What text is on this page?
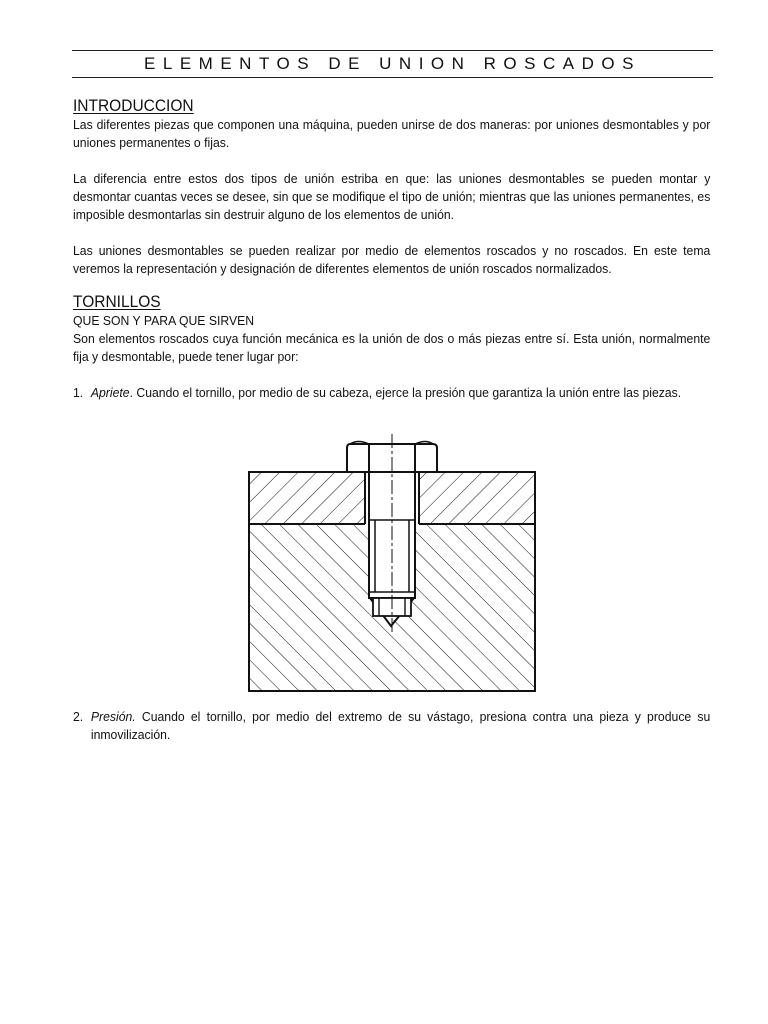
ELEMENTOS DE UNION ROSCADOS
INTRODUCCION

Las diferentes piezas que componen una máquina, pueden unirse de dos maneras: por uniones desmontables y por uniones permanentes o fijas.

La diferencia entre estos dos tipos de unión estriba en que: las uniones desmontables se pueden montar y desmontar cuantas veces se desee, sin que se modifique el tipo de unión; mientras que las uniones permanentes, es imposible desmontarlas sin destruir alguno de los elementos de unión.

Las uniones desmontables se pueden realizar por medio de elementos roscados y no roscados. En este tema veremos la representación y designación de diferentes elementos de unión roscados normalizados.

TORNILLOS
QUE SON Y PARA QUE SIRVEN

Son elementos roscados cuya función mecánica es la unión de dos o más piezas entre sí. Esta unión, normalmente fija y desmontable, puede tener lugar por:

1. Apriete. Cuando el tornillo, por medio de su cabeza, ejerce la presión que garantiza la unión entre las piezas.
2. Presión. Cuando el tornillo, por medio del extremo de su vástago, presiona contra una pieza y produce su inmovilización.
